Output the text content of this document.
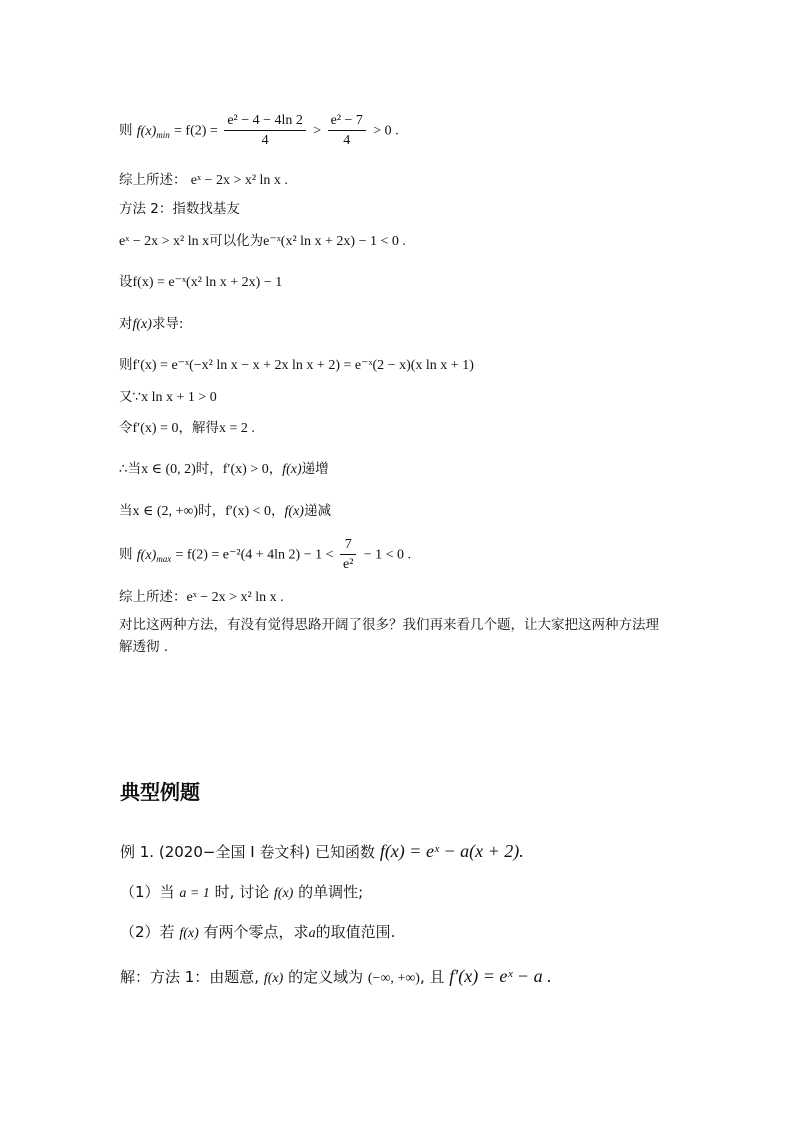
则 $f(x)_{min} = f(2) = \frac{\text{e² − 4 − 4ln 2}}{4} > \frac{\text{e² − 7}}{4} > 0$ .
综上所述： eˣ − 2x > x² ln x .
方法 2：指数找基友
eˣ − 2x > x² ln x可以化为e⁻ˣ(x² ln x + 2x) − 1 < 0 .
设f(x) = e⁻ˣ(x² ln x + 2x) − 1
对f(x)求导:
则f′(x) = e⁻ˣ(−x² ln x − x + 2x ln x + 2) = e⁻ˣ(2 − x)(x ln x + 1)
又∵x ln x + 1 > 0
令f′(x) = 0，解得x = 2 .
∴当x ∈ (0, 2)时，f′(x) > 0，f(x)递增
当x ∈ (2, +∞)时，f′(x) < 0，f(x)递减
则 $f(x)_{max} = f(2) = e^{-2}(4 + 4\ln$ $2) - 1 < \frac{7}{\text{e²}} - 1 < 0$ .
综上所述：eˣ − 2x > x² ln x .
对比这两种方法，有没有觉得思路开阔了很多？我们再来看几个题，让大家把这两种方法理
解透彻 .
典型例题
例 1. (2020−全国 I 卷文科) 已知函数 f(x) = eˣ − a(x + 2).
（1）当 a = 1 时, 讨论 f(x) 的单调性;
（2）若 f(x) 有两个零点，求a的取值范围.
解：方法 1：由题意, f(x) 的定义域为 (−∞, +∞), 且 f′(x) = eˣ − a .
